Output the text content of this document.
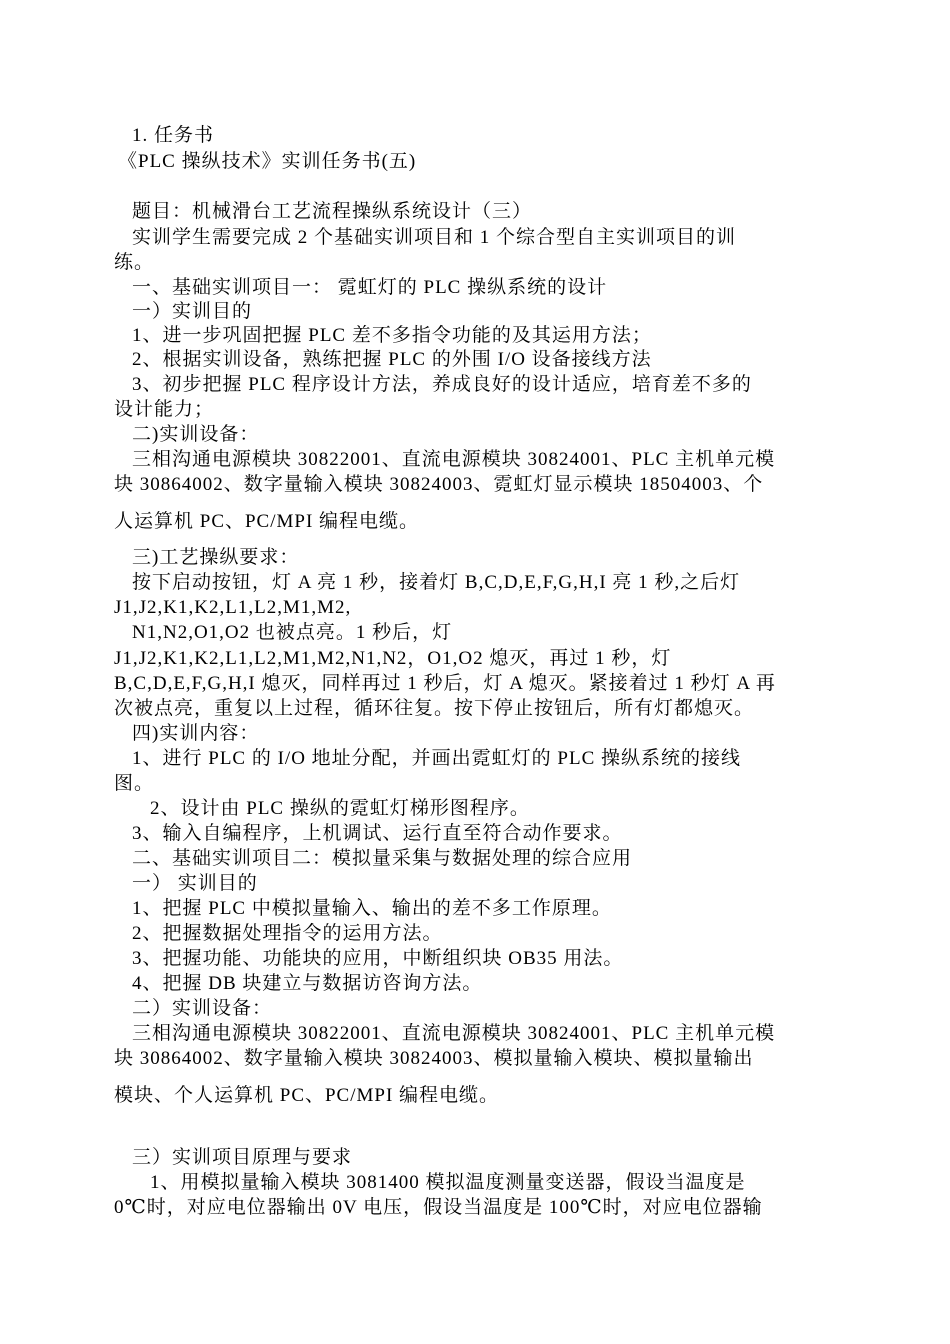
1. 任务书
《PLC 操纵技术》实训任务书(五)
题目：机械滑台工艺流程操纵系统设计（三）
实训学生需要完成 2 个基础实训项目和 1 个综合型自主实训项目的训
练。
一、基础实训项目一： 霓虹灯的 PLC 操纵系统的设计
一）实训目的
1、进一步巩固把握 PLC 差不多指令功能的及其运用方法；
2、根据实训设备，熟练把握 PLC 的外围 I/O 设备接线方法
3、初步把握 PLC 程序设计方法，养成良好的设计适应，培育差不多的
设计能力；
二)实训设备：
三相沟通电源模块 30822001、直流电源模块 30824001、PLC 主机单元模
块 30864002、数字量输入模块 30824003、霓虹灯显示模块 18504003、个
人运算机 PC、PC/MPI 编程电缆。
三)工艺操纵要求：
按下启动按钮，灯 A 亮 1 秒，接着灯 B,C,D,E,F,G,H,I 亮 1 秒,之后灯
J1,J2,K1,K2,L1,L2,M1,M2,
N1,N2,O1,O2 也被点亮。1 秒后，灯
J1,J2,K1,K2,L1,L2,M1,M2,N1,N2，O1,O2 熄灭，再过 1 秒，灯
B,C,D,E,F,G,H,I 熄灭，同样再过 1 秒后，灯 A 熄灭。紧接着过 1 秒灯 A 再
次被点亮，重复以上过程，循环往复。按下停止按钮后，所有灯都熄灭。
四)实训内容：
1、进行 PLC 的 I/O 地址分配，并画出霓虹灯的 PLC 操纵系统的接线
图。
2、设计由 PLC 操纵的霓虹灯梯形图程序。
3、输入自编程序，上机调试、运行直至符合动作要求。
二、基础实训项目二：模拟量采集与数据处理的综合应用
一） 实训目的
1、把握 PLC 中模拟量输入、输出的差不多工作原理。
2、把握数据处理指令的运用方法。
3、把握功能、功能块的应用，中断组织块 OB35 用法。
4、把握 DB 块建立与数据访咨询方法。
二）实训设备：
三相沟通电源模块 30822001、直流电源模块 30824001、PLC 主机单元模
块 30864002、数字量输入模块 30824003、模拟量输入模块、模拟量输出
模块、个人运算机 PC、PC/MPI 编程电缆。
三）实训项目原理与要求
1、用模拟量输入模块 3081400 模拟温度测量变送器，假设当温度是
0℃时，对应电位器输出 0V 电压，假设当温度是 100℃时，对应电位器输
